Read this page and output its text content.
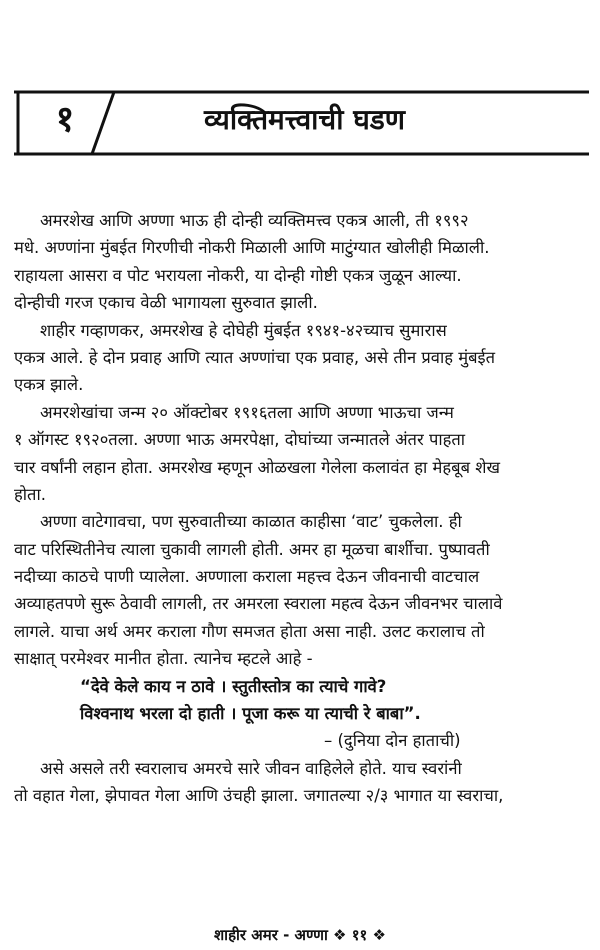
१	व्यक्तिमत्त्वाची घडण
अमरशेख आणि अण्णा भाऊ ही दोन्ही व्यक्तिमत्त्व एकत्र आली, ती १९९२
मधे. अण्णांना मुंबईत गिरणीची नोकरी मिळाली आणि माटुंग्यात खोलीही मिळाली.
राहायला आसरा व पोट भरायला नोकरी, या दोन्ही गोष्टी एकत्र जुळून आल्या.
दोन्हीची गरज एकाच वेळी भागायला सुरुवात झाली.
शाहीर गव्हाणकर, अमरशेख हे दोघेही मुंबईत १९४१-४२च्याच सुमारास
एकत्र आले. हे दोन प्रवाह आणि त्यात अण्णांचा एक प्रवाह, असे तीन प्रवाह मुंबईत
एकत्र झाले.
अमरशेखांचा जन्म २० ऑक्टोबर १९१६तला आणि अण्णा भाऊचा जन्म
१ ऑगस्ट १९२०तला. अण्णा भाऊ अमरपेक्षा, दोघांच्या जन्मातले अंतर पाहता
चार वर्षांनी लहान होता. अमरशेख म्हणून ओळखला गेलेला कलावंत हा मेहबूब शेख
होता.
अण्णा वाटेगावचा, पण सुरुवातीच्या काळात काहीसा ‘वाट’ चुकलेला. ही
वाट परिस्थितीनेच त्याला चुकावी लागली होती. अमर हा मूळचा बार्शीचा. पुष्पावती
नदीच्या काठचे पाणी प्यालेला. अण्णाला कराला महत्त्व देऊन जीवनाची वाटचाल
अव्याहतपणे सुरू ठेवावी लागली, तर अमरला स्वराला महत्व देऊन जीवनभर चालावे
लागले. याचा अर्थ अमर कराला गौण समजत होता असा नाही. उलट करालाच तो
साक्षात् परमेश्वर मानीत होता. त्यानेच म्हटले आहे -
“देवे केले काय न ठावे । स्तुतीस्तोत्र का त्याचे गावे?
विश्वनाथ भरला दो हाती । पूजा करू या त्याची रे बाबा”.
– (दुनिया दोन हाताची)
असे असले तरी स्वरालाच अमरचे सारे जीवन वाहिलेले होते. याच स्वरांनी
तो वहात गेला, झेपावत गेला आणि उंचही झाला. जगातल्या २/३ भागात या स्वराचा,
शाहीर अमर - अण्णा ❖ ११ ❖
